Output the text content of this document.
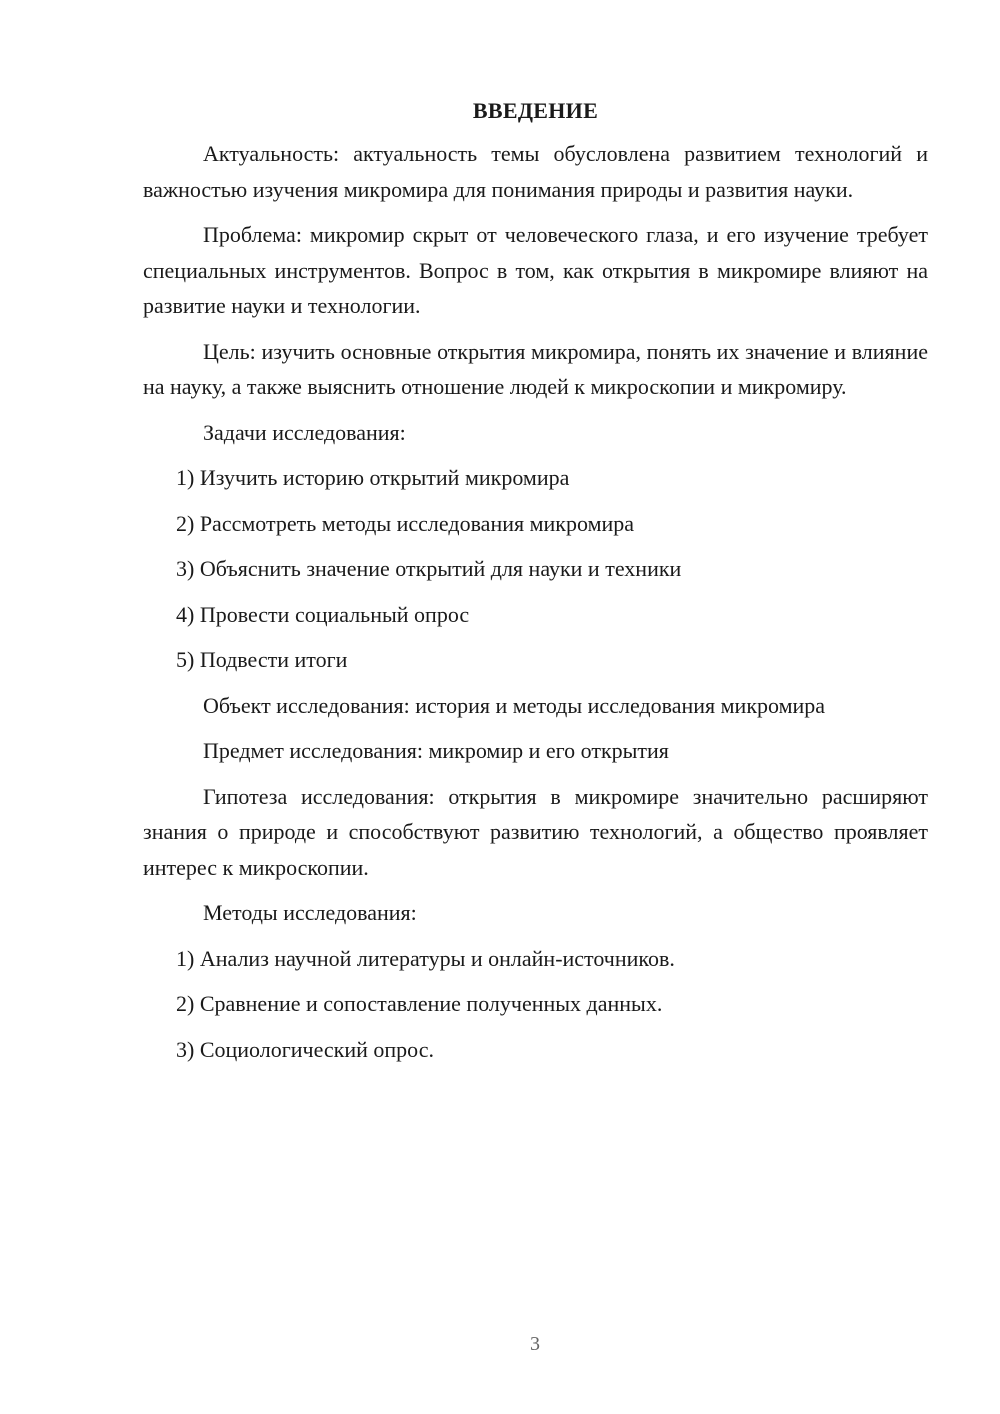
ВВЕДЕНИЕ

Актуальность: актуальность темы обусловлена развитием технологий и важностью изучения микромира для понимания природы и развития науки.

Проблема: микромир скрыт от человеческого глаза, и его изучение требует специальных инструментов. Вопрос в том, как открытия в микромире влияют на развитие науки и технологии.

Цель: изучить основные открытия микромира, понять их значение и влияние на науку, а также выяснить отношение людей к микроскопии и микромиру.

Задачи исследования:

1) Изучить историю открытий микромира
2) Рассмотреть методы исследования микромира
3) Объяснить значение открытий для науки и техники
4) Провести социальный опрос
5) Подвести итоги

Объект исследования: история и методы исследования микромира

Предмет исследования: микромир и его открытия

Гипотеза исследования: открытия в микромире значительно расширяют знания о природе и способствуют развитию технологий, а общество проявляет интерес к микроскопии.

Методы исследования:

1) Анализ научной литературы и онлайн-источников.
2) Сравнение и сопоставление полученных данных.
3) Социологический опрос.
3
